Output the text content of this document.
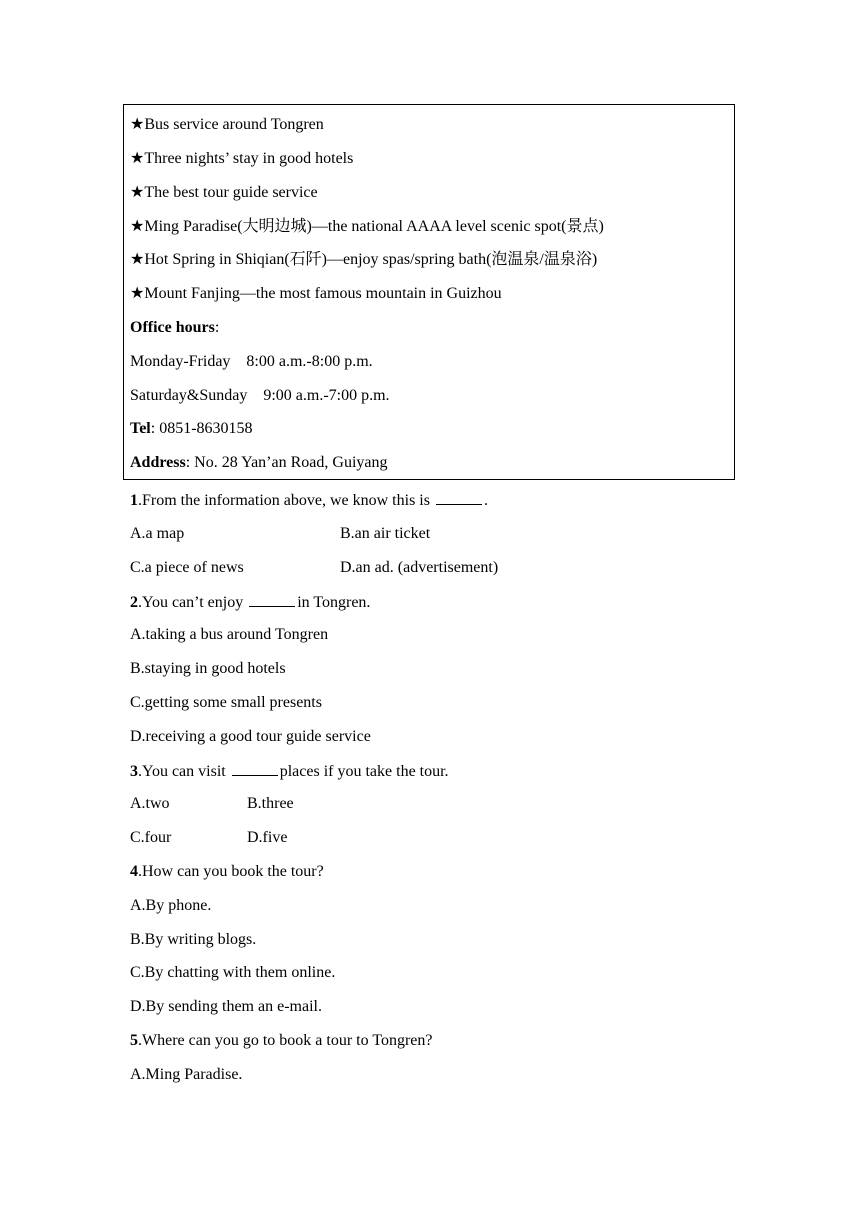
★Bus service around Tongren
★Three nights’ stay in good hotels
★The best tour guide service
★Ming Paradise(大明边城)—the national AAAA level scenic spot(景点)
★Hot Spring in Shiqian(石阡)—enjoy spas/spring bath(泡温泉/温泉浴)
★Mount Fanjing—the most famous mountain in Guizhou
Office hours:
Monday-Friday    8:00 a.m.-8:00 p.m.
Saturday&Sunday    9:00 a.m.-7:00 p.m.
Tel: 0851-8630158
Address: No. 28 Yan’an Road, Guiyang
1.From the information above, we know this is	.
A.a map	B.an air ticket
C.a piece of news	D.an ad. (advertisement)
2.You can’t enjoy	in Tongren.
A.taking a bus around Tongren
B.staying in good hotels
C.getting some small presents
D.receiving a good tour guide service
3.You can visit	places if you take the tour.
A.two	B.three
C.four	D.five
4.How can you book the tour?
A.By phone.
B.By writing blogs.
C.By chatting with them online.
D.By sending them an e-mail.
5.Where can you go to book a tour to Tongren?
A.Ming Paradise.
